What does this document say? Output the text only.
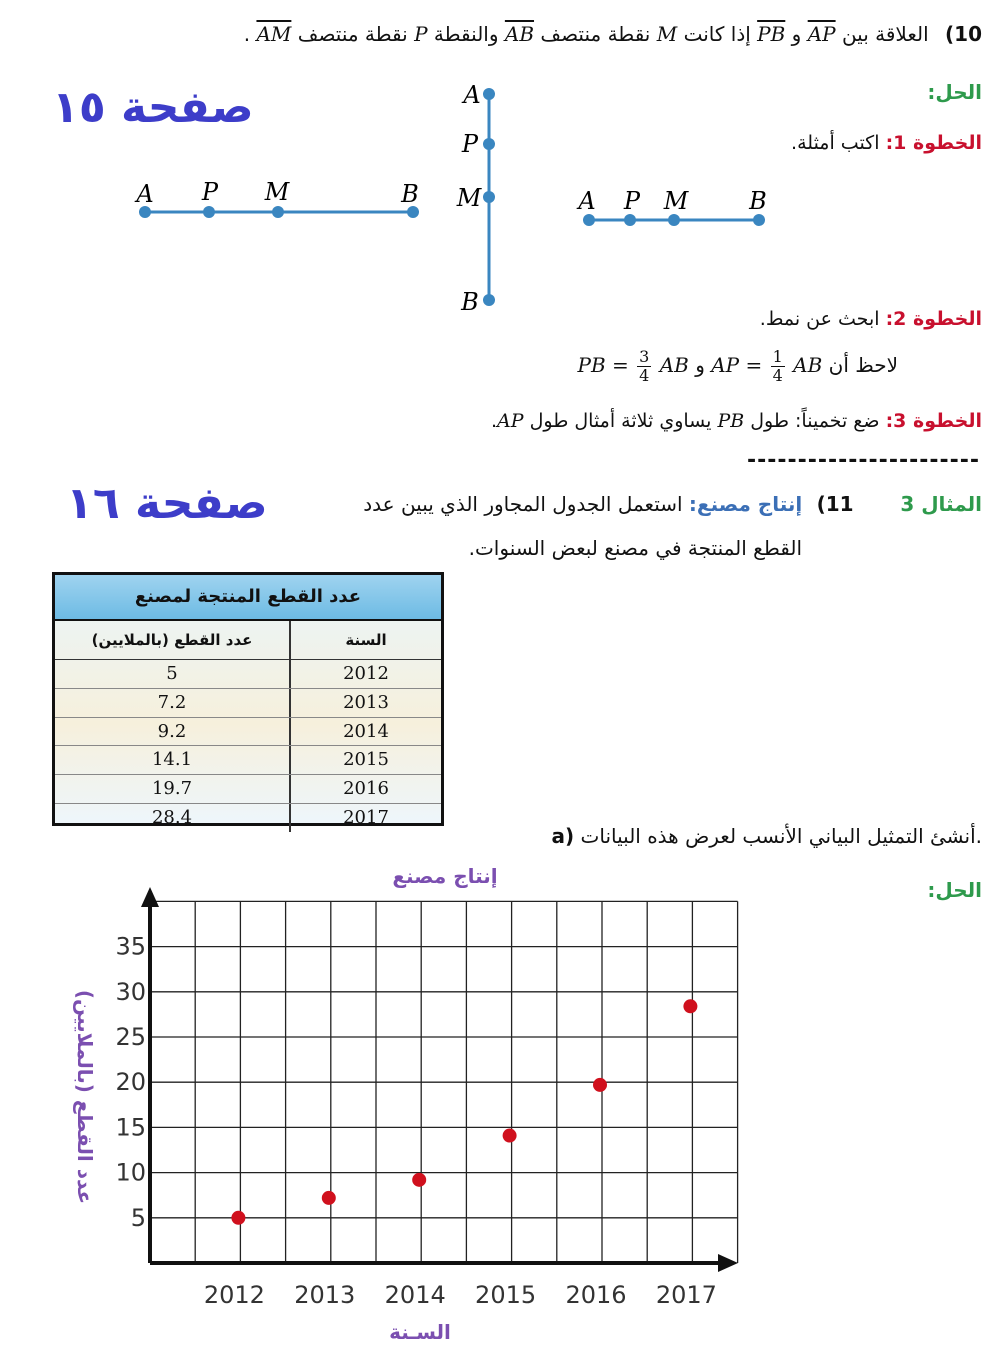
صفحة ١٥
صفحة ١٦
10) العلاقة بين AP و PB إذا كانت M نقطة منتصف AB والنقطة P نقطة منتصف AM .
الحل:
الخطوة 1: اكتب أمثلة.
الخطوة 2: ابحث عن نمط.
لاحظ أن AP = $\frac{1}{4}$ AB و PB = $\frac{3}{4}$ AB
الخطوة 3: ضع تخميناً: طول PB يساوي ثلاثة أمثال طول AP.
-----------------------
A P M	B
A
P
M
B
A P M	B
المثال 3  11) إنتاج مصنع: استعمل الجدول المجاور الذي يبين عدد
القطع المنتجة في مصنع لبعض السنوات.
عدد القطع المنتجة لمصنع
عدد القطع (بالملايين)	السنة
5	2012
7.2	2013
9.2	2014
14.1	2015
19.7	2016
28.4	2017
a) أنشئ التمثيل البياني الأنسب لعرض هذه البيانات.
الحل:
إنتاج مصنع
السـنة
عدد القطع (بالملايين)
5
10
15
20
25
30
35
2012 2013 2014 2015 2016 2017
